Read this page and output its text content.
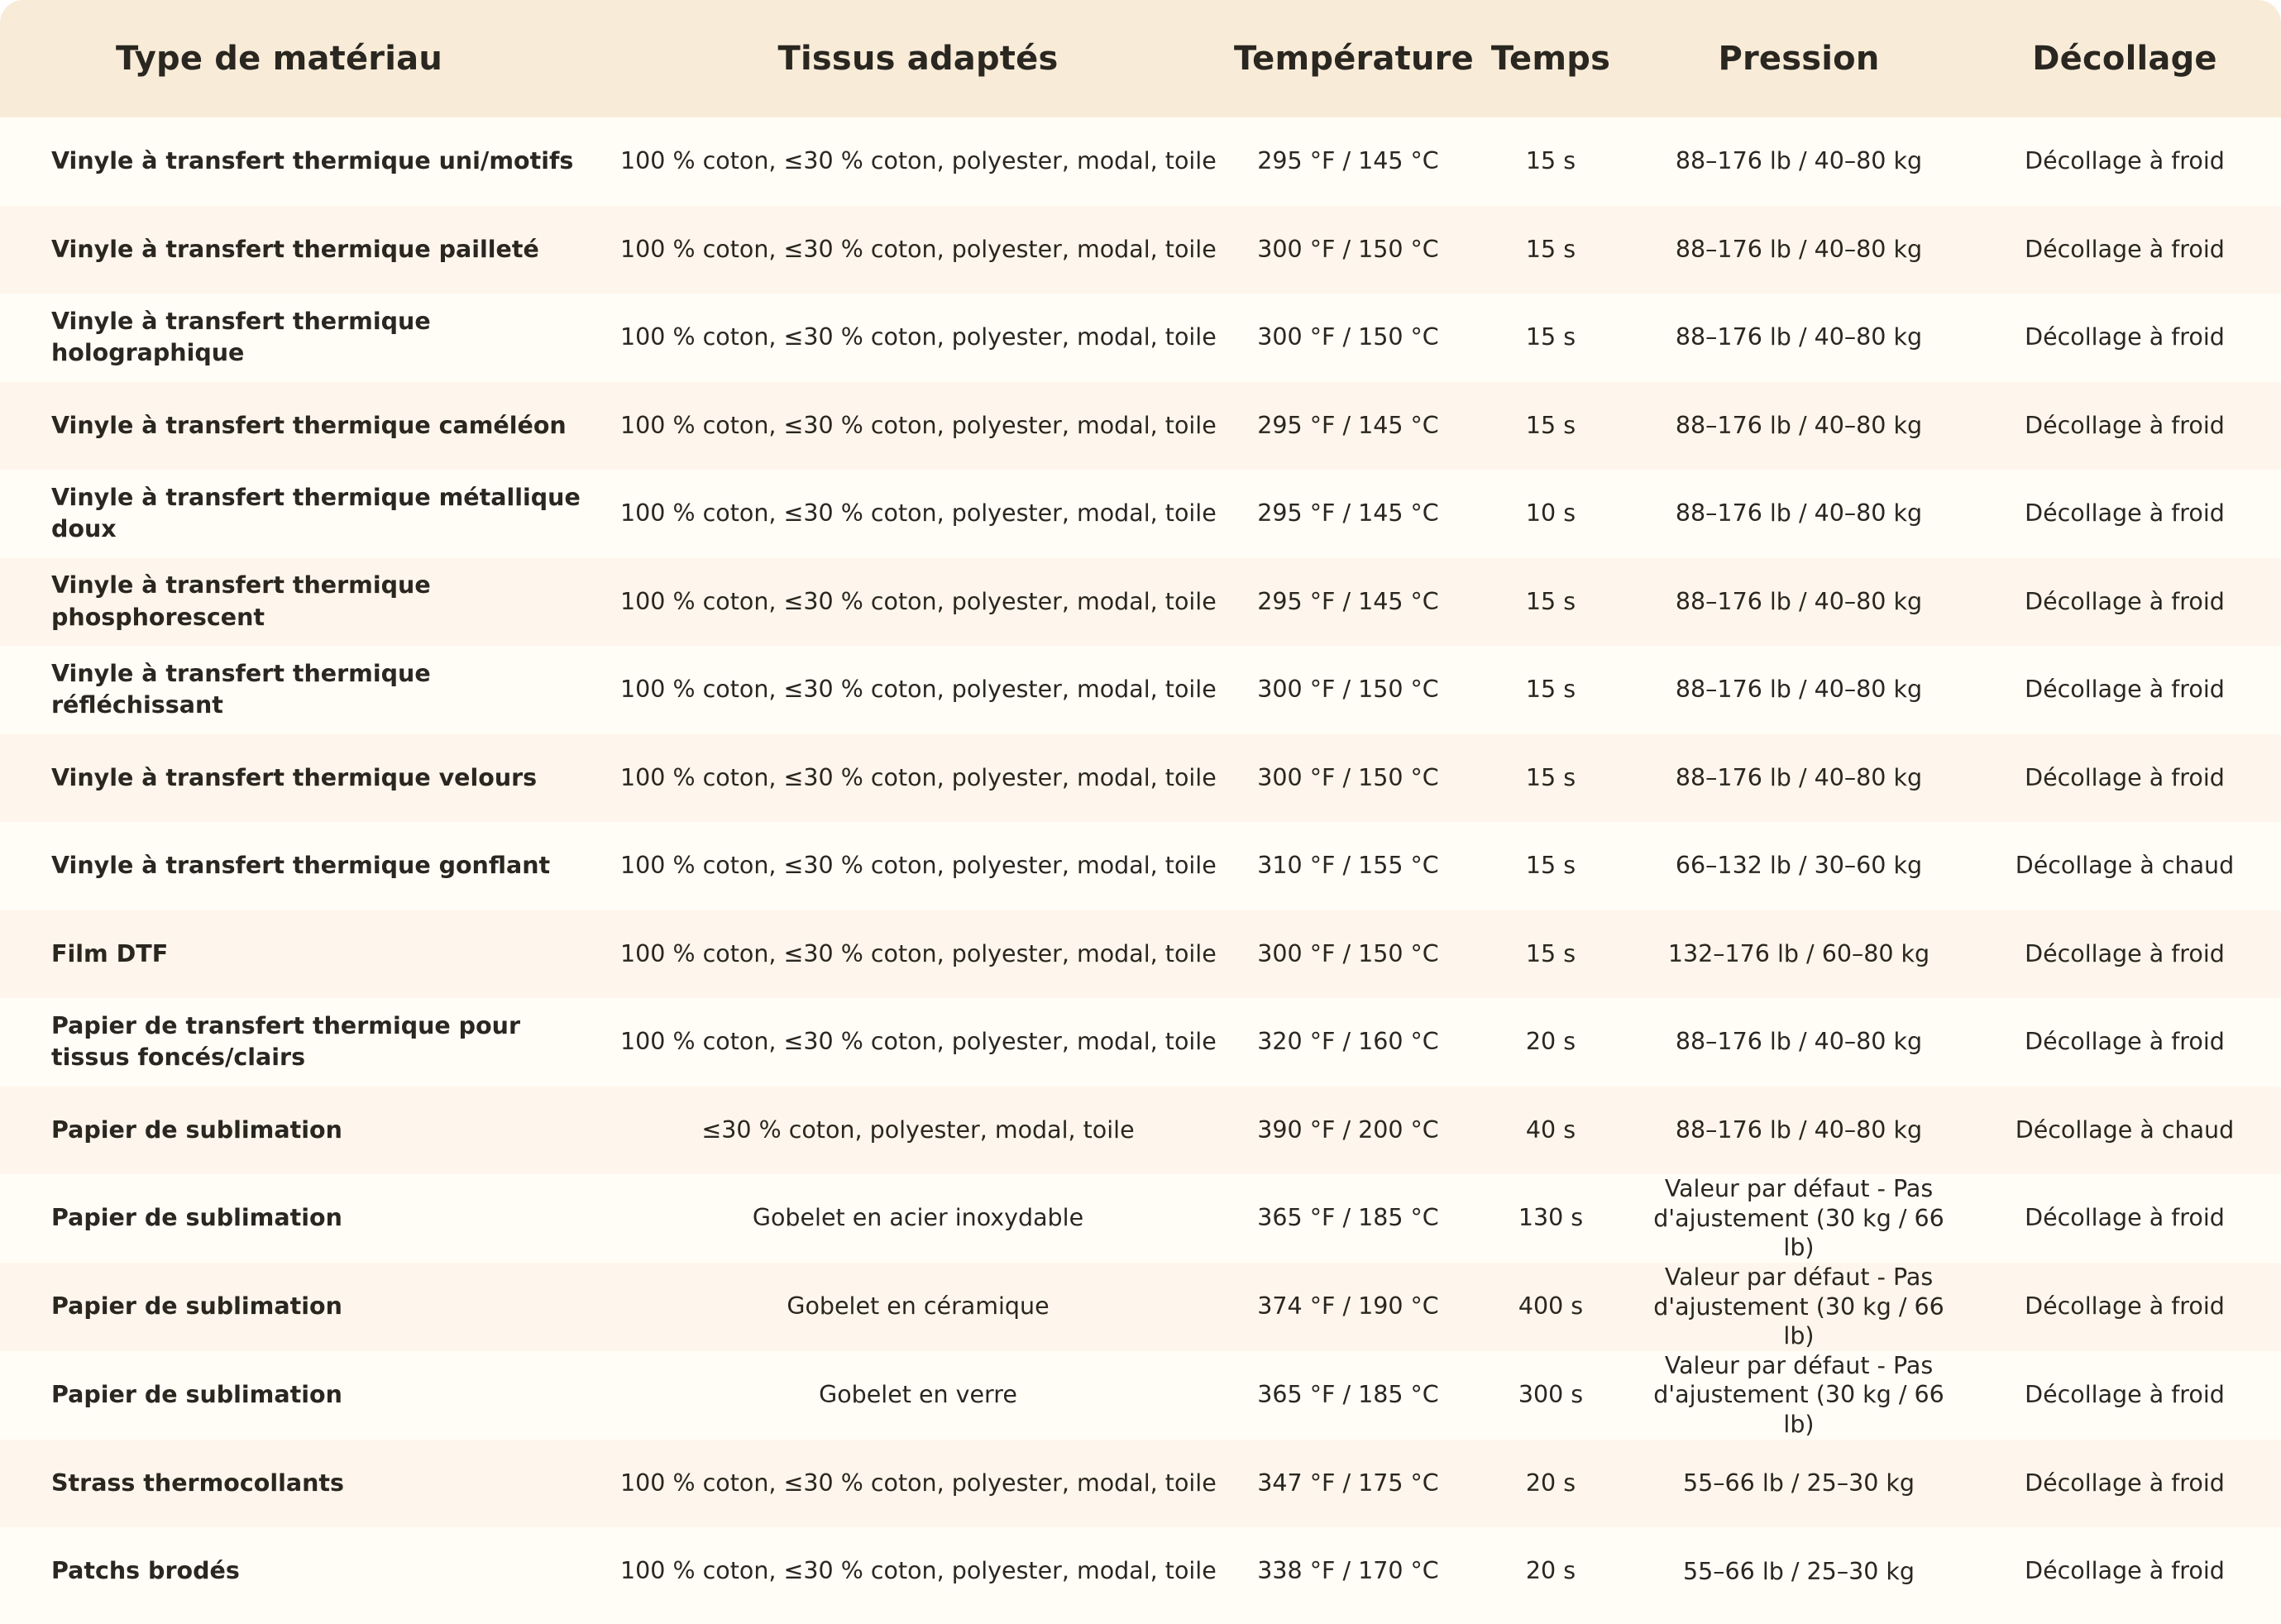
Type de matériau	Tissus adaptés	Température	Temps	Pression	Décollage
Vinyle à transfert thermique uni/motifs	100 % coton, ≤30 % coton, polyester, modal, toile	295 °F / 145 °C	15 s	88–176 lb / 40–80 kg	Décollage à froid
Vinyle à transfert thermique pailleté	100 % coton, ≤30 % coton, polyester, modal, toile	300 °F / 150 °C	15 s	88–176 lb / 40–80 kg	Décollage à froid
Vinyle à transfert thermique holographique	100 % coton, ≤30 % coton, polyester, modal, toile	300 °F / 150 °C	15 s	88–176 lb / 40–80 kg	Décollage à froid
Vinyle à transfert thermique caméléon	100 % coton, ≤30 % coton, polyester, modal, toile	295 °F / 145 °C	15 s	88–176 lb / 40–80 kg	Décollage à froid
Vinyle à transfert thermique métallique doux	100 % coton, ≤30 % coton, polyester, modal, toile	295 °F / 145 °C	10 s	88–176 lb / 40–80 kg	Décollage à froid
Vinyle à transfert thermique phosphorescent	100 % coton, ≤30 % coton, polyester, modal, toile	295 °F / 145 °C	15 s	88–176 lb / 40–80 kg	Décollage à froid
Vinyle à transfert thermique réfléchissant	100 % coton, ≤30 % coton, polyester, modal, toile	300 °F / 150 °C	15 s	88–176 lb / 40–80 kg	Décollage à froid
Vinyle à transfert thermique velours	100 % coton, ≤30 % coton, polyester, modal, toile	300 °F / 150 °C	15 s	88–176 lb / 40–80 kg	Décollage à froid
Vinyle à transfert thermique gonflant	100 % coton, ≤30 % coton, polyester, modal, toile	310 °F / 155 °C	15 s	66–132 lb / 30–60 kg	Décollage à chaud
Film DTF	100 % coton, ≤30 % coton, polyester, modal, toile	300 °F / 150 °C	15 s	132–176 lb / 60–80 kg	Décollage à froid
Papier de transfert thermique pour tissus foncés/clairs	100 % coton, ≤30 % coton, polyester, modal, toile	320 °F / 160 °C	20 s	88–176 lb / 40–80 kg	Décollage à froid
Papier de sublimation	≤30 % coton, polyester, modal, toile	390 °F / 200 °C	40 s	88–176 lb / 40–80 kg	Décollage à chaud
Papier de sublimation	Gobelet en acier inoxydable	365 °F / 185 °C	130 s	Valeur par défaut - Pas d'ajustement (30 kg / 66 lb)	Décollage à froid
Papier de sublimation	Gobelet en céramique	374 °F / 190 °C	400 s	Valeur par défaut - Pas d'ajustement (30 kg / 66 lb)	Décollage à froid
Papier de sublimation	Gobelet en verre	365 °F / 185 °C	300 s	Valeur par défaut - Pas d'ajustement (30 kg / 66 lb)	Décollage à froid
Strass thermocollants	100 % coton, ≤30 % coton, polyester, modal, toile	347 °F / 175 °C	20 s	55–66 lb / 25–30 kg	Décollage à froid
Patchs brodés	100 % coton, ≤30 % coton, polyester, modal, toile	338 °F / 170 °C	20 s	55–66 lb / 25–30 kg	Décollage à froid
